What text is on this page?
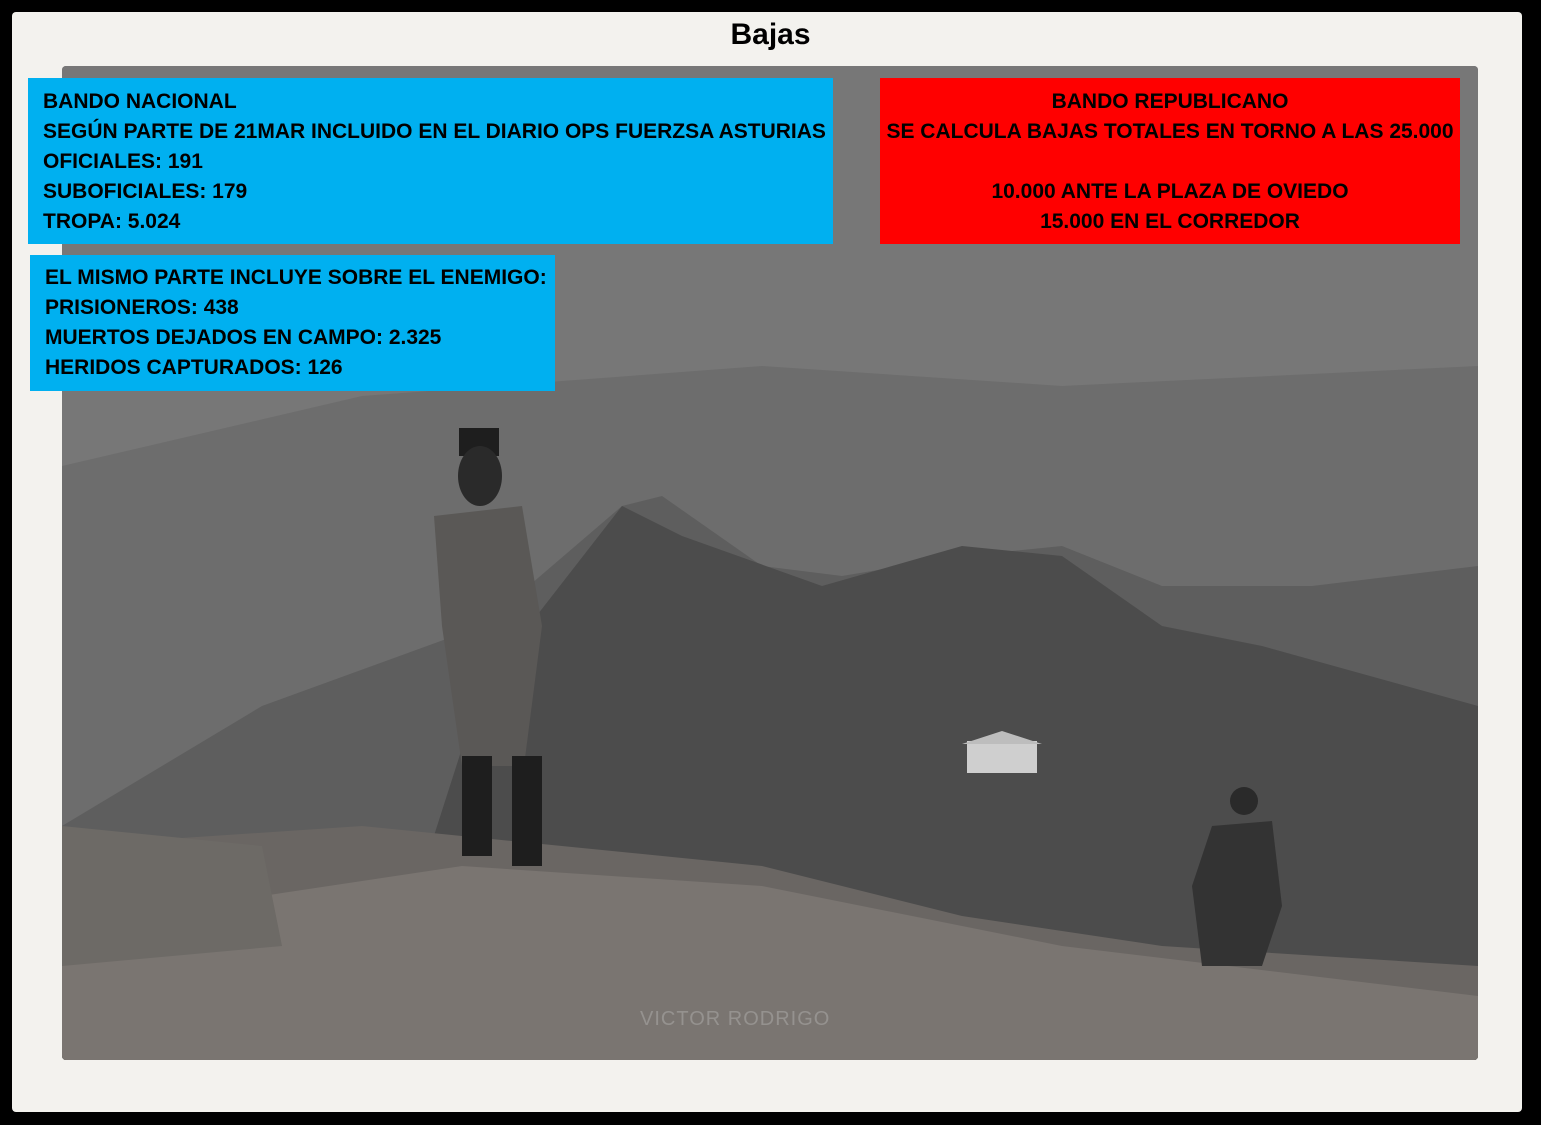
Bajas
VICTOR RODRIGO
BANDO NACIONAL
SEGÚN PARTE DE 21MAR INCLUIDO EN EL DIARIO OPS FUERZSA ASTURIAS
OFICIALES: 191
SUBOFICIALES: 179
TROPA: 5.024
EL MISMO PARTE INCLUYE SOBRE EL ENEMIGO:
PRISIONEROS: 438
MUERTOS DEJADOS EN CAMPO: 2.325
HERIDOS CAPTURADOS: 126
BANDO REPUBLICANO
SE CALCULA BAJAS TOTALES EN TORNO A LAS 25.000

10.000 ANTE LA PLAZA DE OVIEDO
15.000 EN EL CORREDOR
